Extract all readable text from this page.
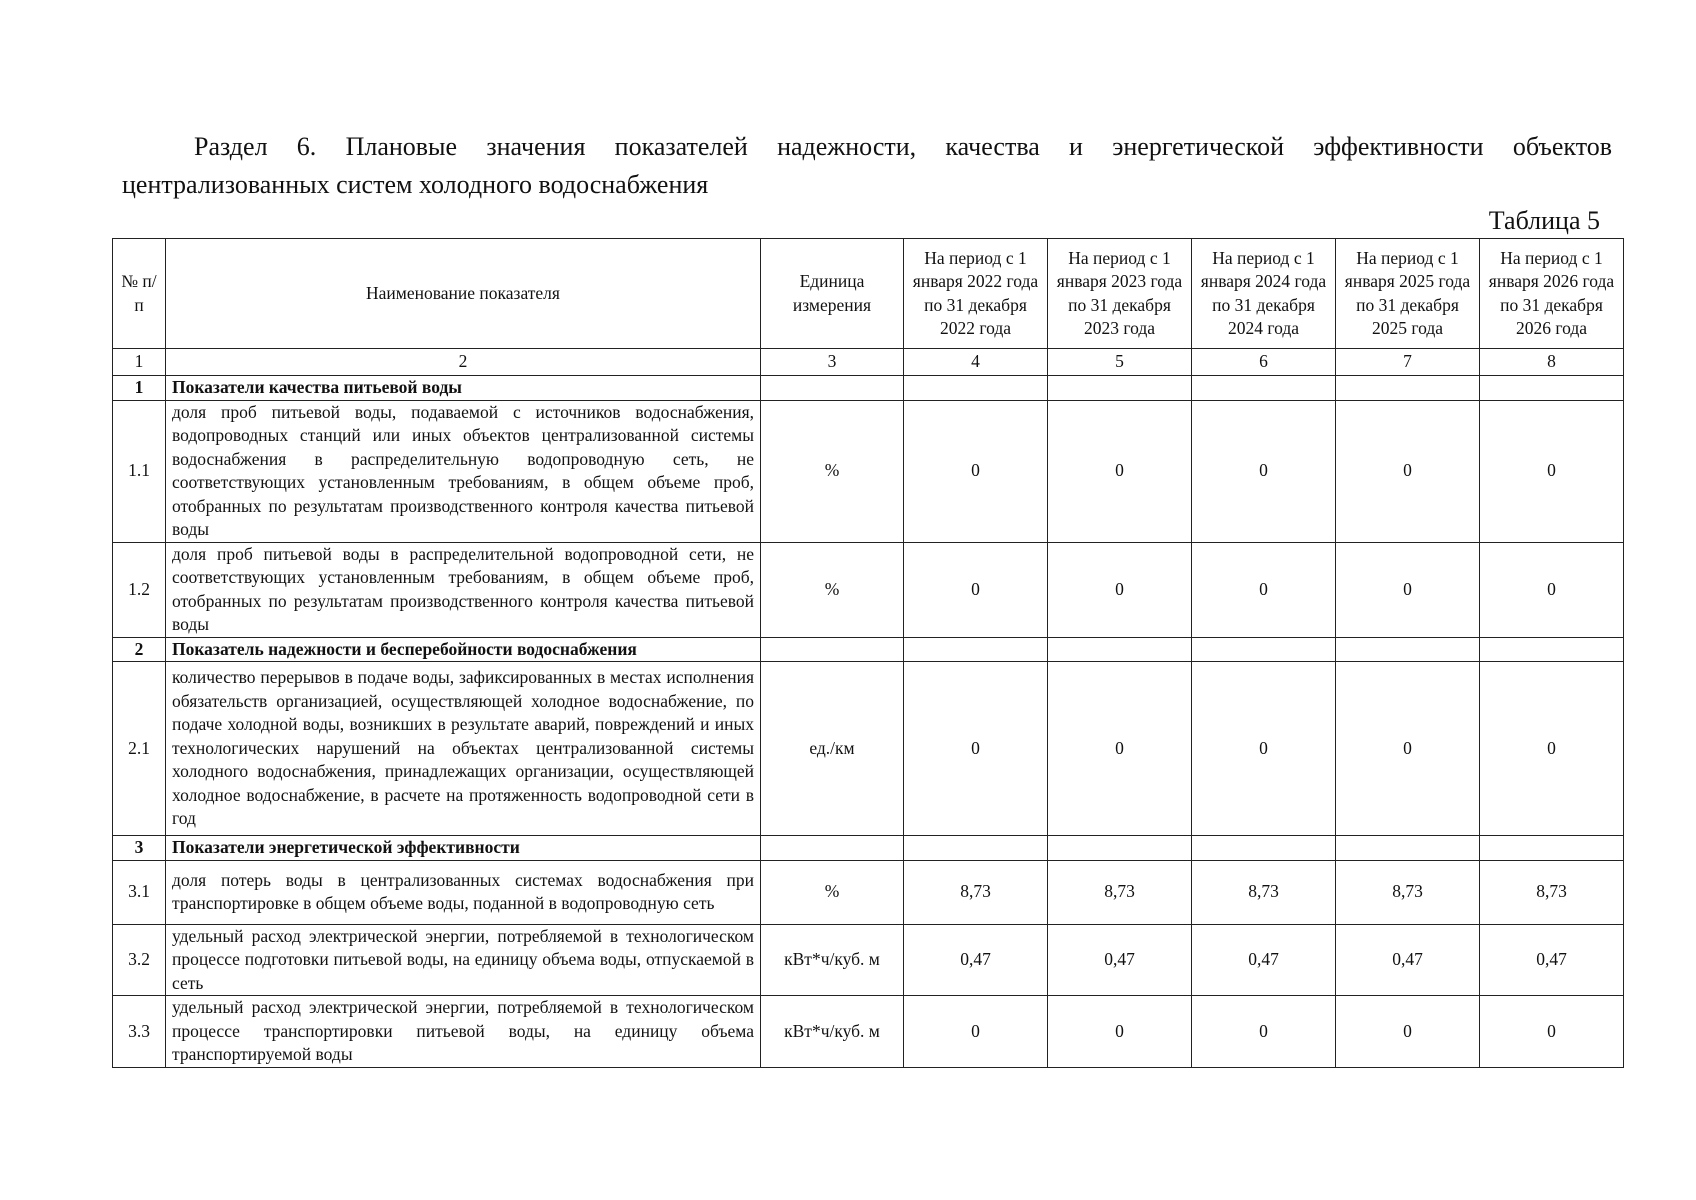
Раздел 6. Плановые значения показателей надежности, качества и энергетической эффективности объектов
централизованных систем холодного водоснабжения
Таблица 5
№ п/п	Наименование показателя	Единица измерения	На период с 1 января 2022 года по 31 декабря 2022 года	На период с 1 января 2023 года по 31 декабря 2023 года	На период с 1 января 2024 года по 31 декабря 2024 года	На период с 1 января 2025 года по 31 декабря 2025 года	На период с 1 января 2026 года по 31 декабря 2026 года
1	2	3	4	5	6	7	8
1	Показатели качества питьевой воды						
1.1	доля проб питьевой воды, подаваемой с источников водоснабжения, водопроводных станций или иных объектов централизованной системы водоснабжения в распределительную водопроводную сеть, не соответствующих установленным требованиям, в общем объеме проб, отобранных по результатам производственного контроля качества питьевой воды	%	0	0	0	0	0
1.2	доля проб питьевой воды в распределительной водопроводной сети, не соответствующих установленным требованиям, в общем объеме проб, отобранных по результатам производственного контроля качества питьевой воды	%	0	0	0	0	0
2	Показатель надежности и бесперебойности водоснабжения						
2.1	количество перерывов в подаче воды, зафиксированных в местах исполнения обязательств организацией, осуществляющей холодное водоснабжение, по подаче холодной воды, возникших в результате аварий, повреждений и иных технологических нарушений на объектах централизованной системы холодного водоснабжения, принадлежащих организации, осуществляющей холодное водоснабжение, в расчете на протяженность водопроводной сети в год	ед./км	0	0	0	0	0
3	Показатели энергетической эффективности						
3.1	доля потерь воды в централизованных системах водоснабжения при транспортировке в общем объеме воды, поданной в водопроводную сеть	%	8,73	8,73	8,73	8,73	8,73
3.2	удельный расход электрической энергии, потребляемой в технологическом процессе подготовки питьевой воды, на единицу объема воды, отпускаемой в сеть	кВт*ч/куб. м	0,47	0,47	0,47	0,47	0,47
3.3	удельный расход электрической энергии, потребляемой в технологическом процессе транспортировки питьевой воды, на единицу объема транспортируемой воды	кВт*ч/куб. м	0	0	0	0	0
